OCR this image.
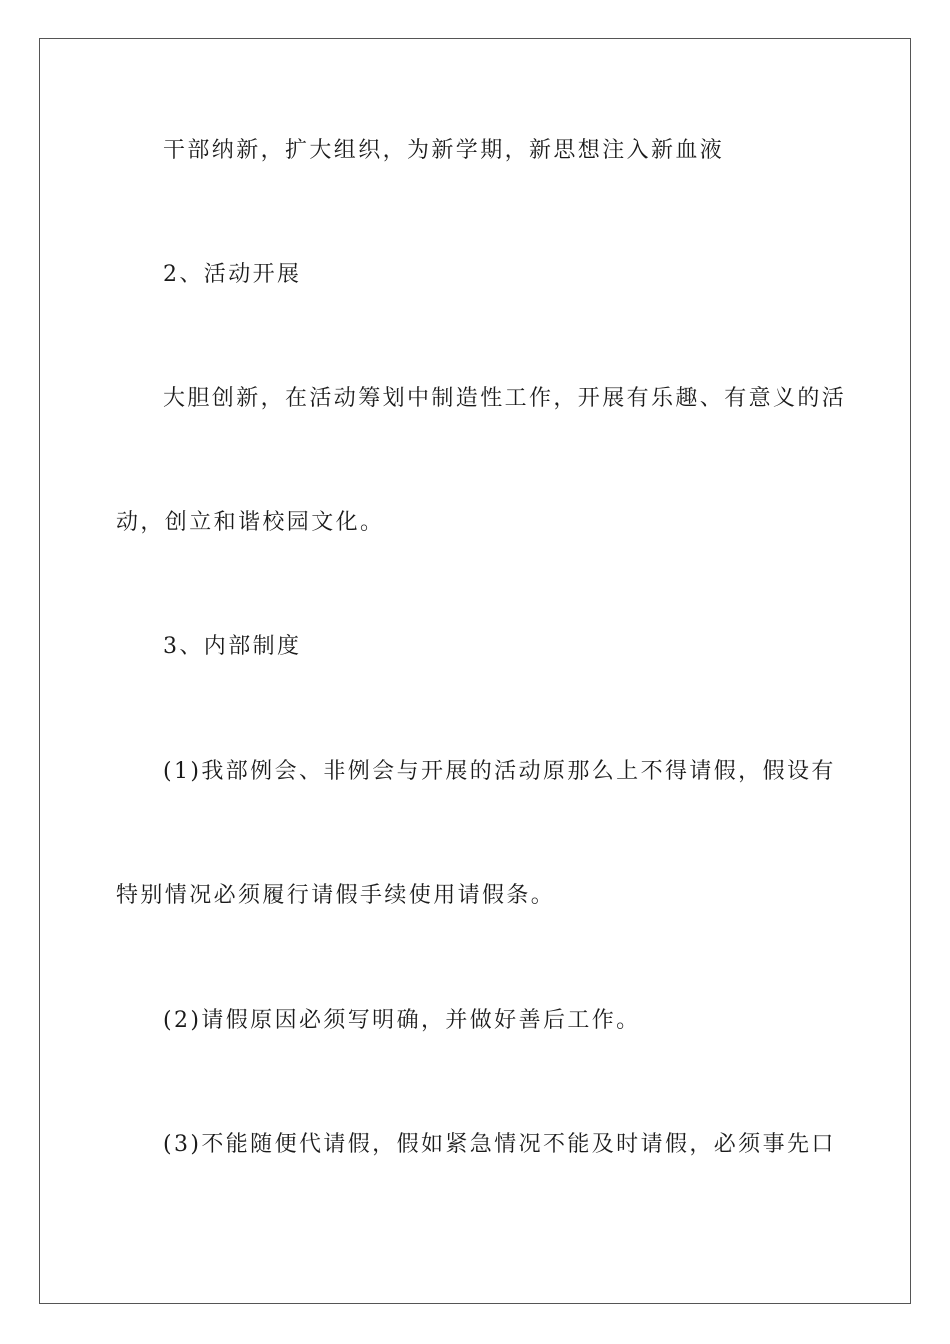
干部纳新，扩大组织，为新学期，新思想注入新血液
2、活动开展
大胆创新，在活动筹划中制造性工作，开展有乐趣、有意义的活
动，创立和谐校园文化。
3、内部制度
(1)我部例会、非例会与开展的活动原那么上不得请假，假设有
特别情况必须履行请假手续使用请假条。
(2)请假原因必须写明确，并做好善后工作。
(3)不能随便代请假，假如紧急情况不能及时请假，必须事先口
